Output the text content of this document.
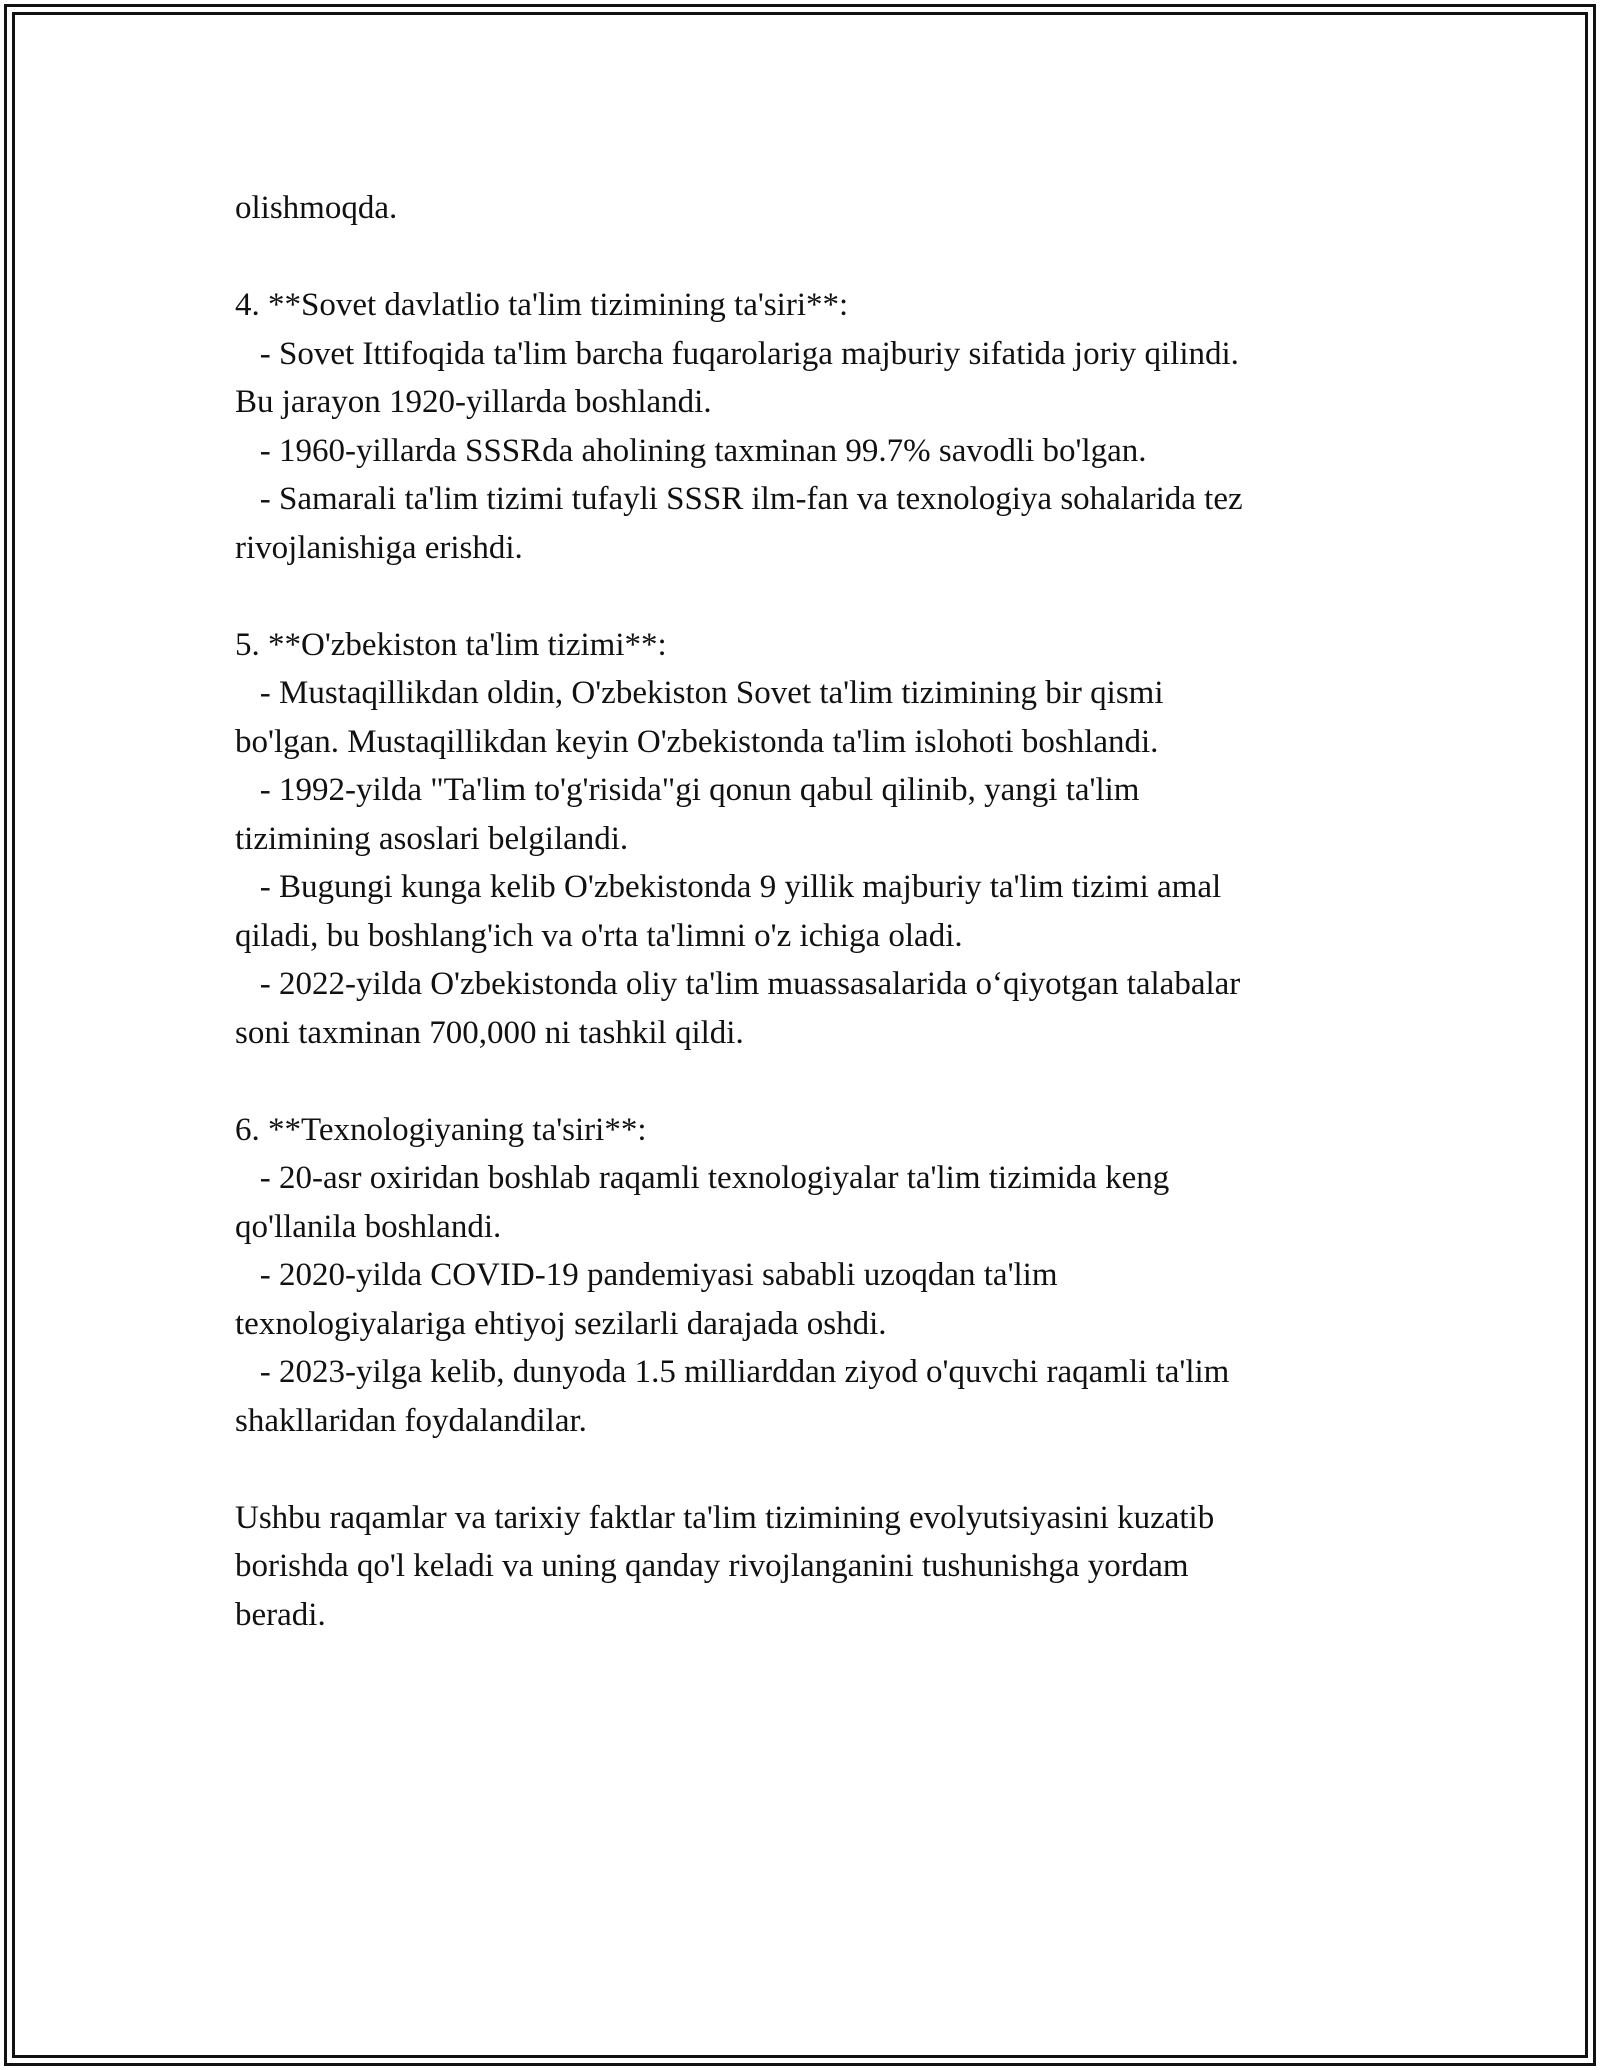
olishmoqda.
4. **Sovet davlatlio ta'lim tizimining ta'siri**:
- Sovet Ittifoqida ta'lim barcha fuqarolariga majburiy sifatida joriy qilindi.
Bu jarayon 1920-yillarda boshlandi.
- 1960-yillarda SSSRda aholining taxminan 99.7% savodli bo'lgan.
- Samarali ta'lim tizimi tufayli SSSR ilm-fan va texnologiya sohalarida tez
rivojlanishiga erishdi.
5. **O'zbekiston ta'lim tizimi**:
- Mustaqillikdan oldin, O'zbekiston Sovet ta'lim tizimining bir qismi
bo'lgan. Mustaqillikdan keyin O'zbekistonda ta'lim islohoti boshlandi.
- 1992-yilda "Ta'lim to'g'risida"gi qonun qabul qilinib, yangi ta'lim
tizimining asoslari belgilandi.
- Bugungi kunga kelib O'zbekistonda 9 yillik majburiy ta'lim tizimi amal
qiladi, bu boshlang'ich va o'rta ta'limni o'z ichiga oladi.
- 2022-yilda O'zbekistonda oliy ta'lim muassasalarida o‘qiyotgan talabalar
soni taxminan 700,000 ni tashkil qildi.
6. **Texnologiyaning ta'siri**:
- 20-asr oxiridan boshlab raqamli texnologiyalar ta'lim tizimida keng
qo'llanila boshlandi.
- 2020-yilda COVID-19 pandemiyasi sababli uzoqdan ta'lim
texnologiyalariga ehtiyoj sezilarli darajada oshdi.
- 2023-yilga kelib, dunyoda 1.5 milliarddan ziyod o'quvchi raqamli ta'lim
shakllaridan foydalandilar.
Ushbu raqamlar va tarixiy faktlar ta'lim tizimining evolyutsiyasini kuzatib
borishda qo'l keladi va uning qanday rivojlanganini tushunishga yordam
beradi.
